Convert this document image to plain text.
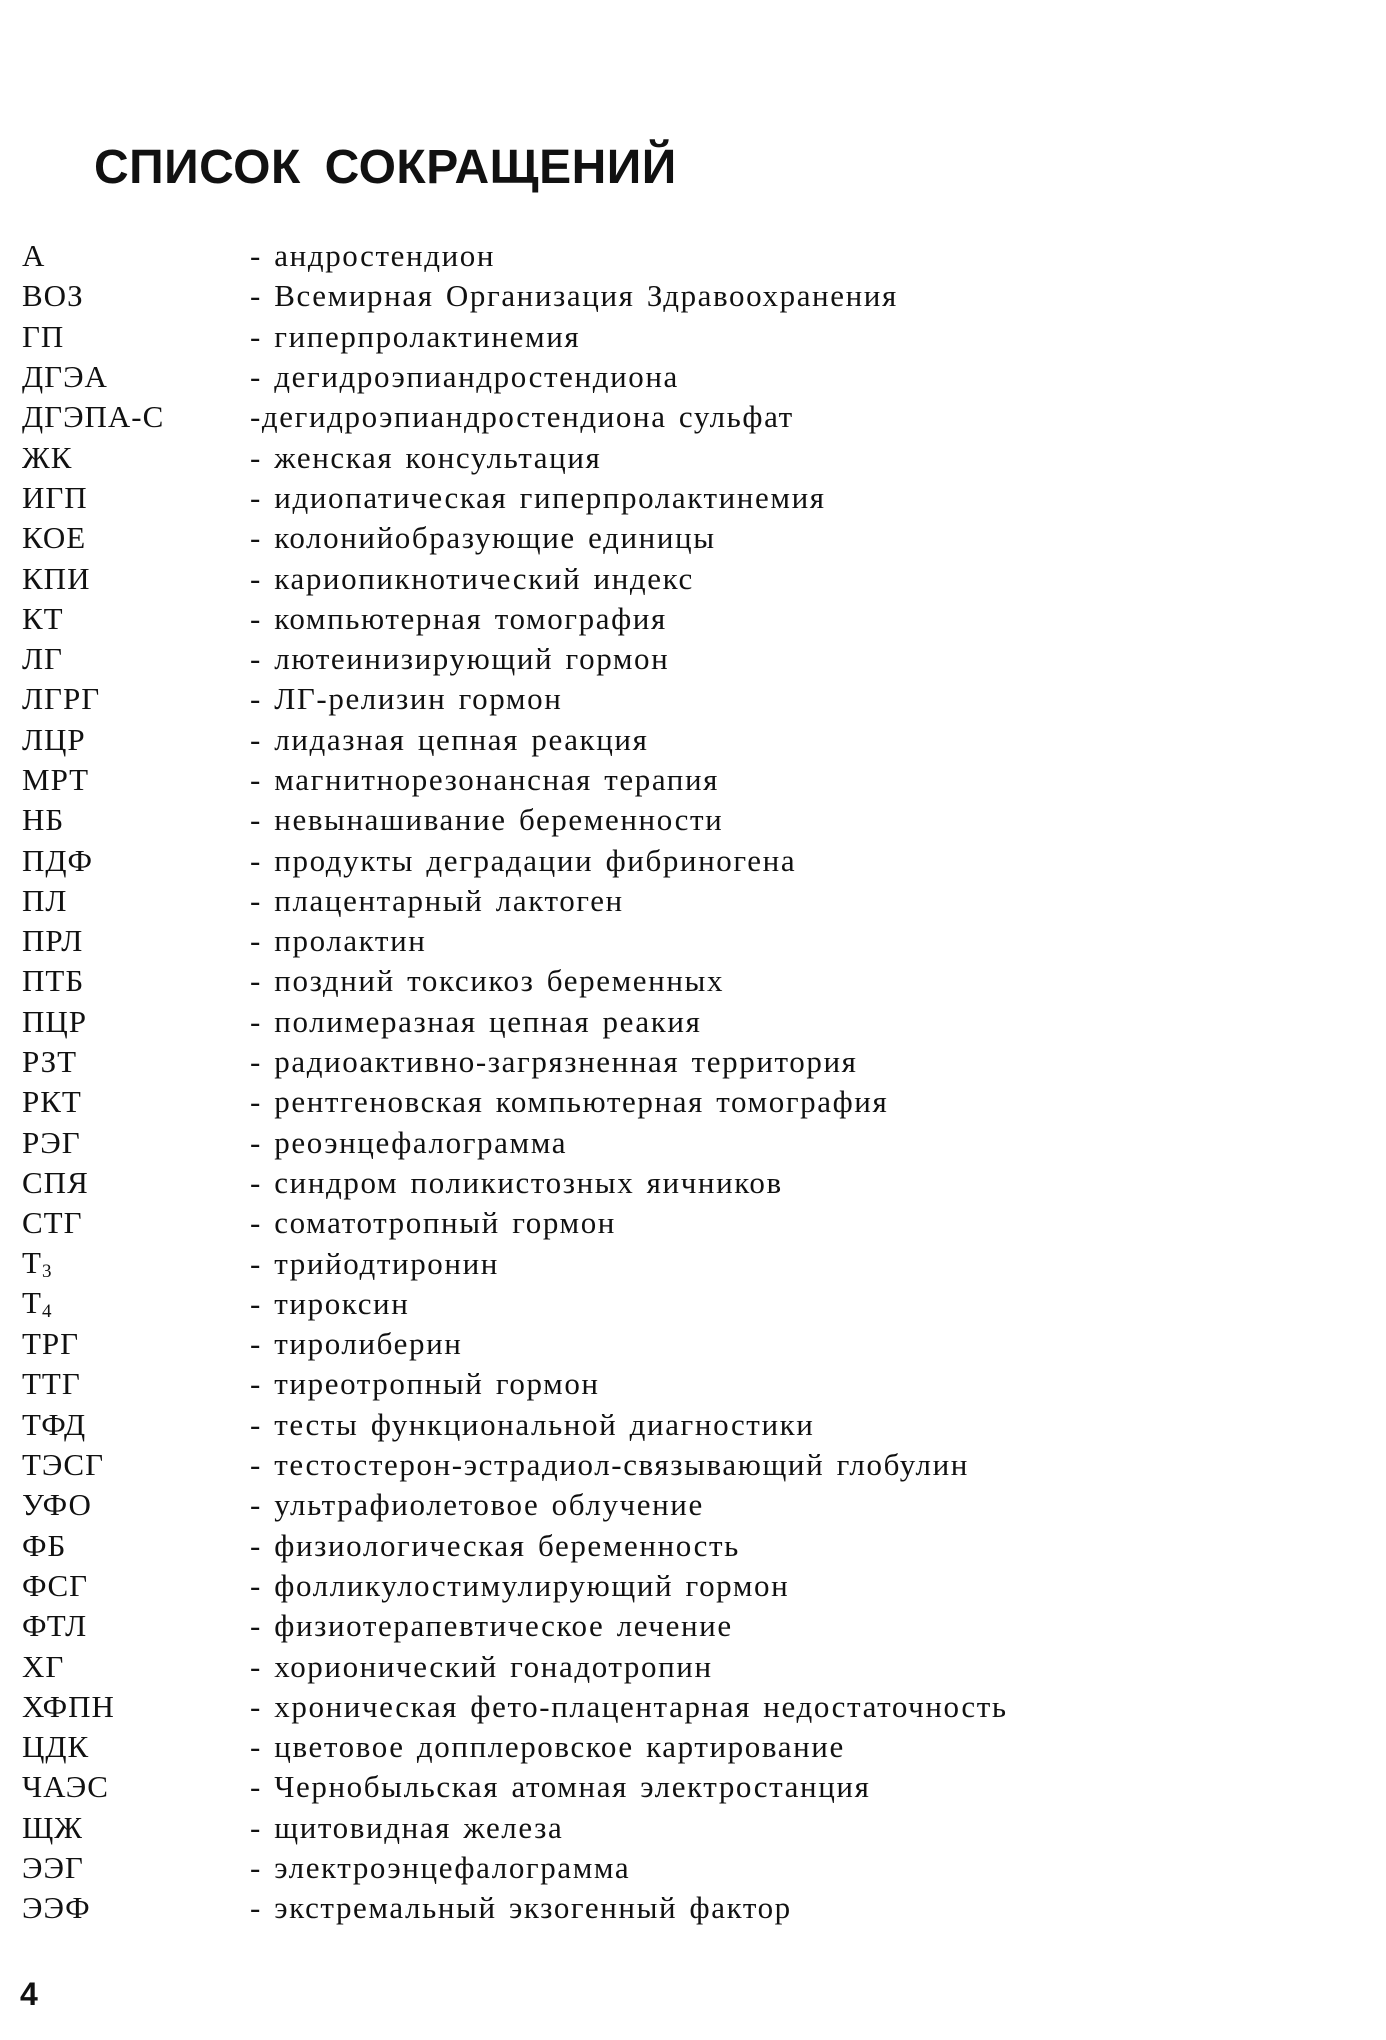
СПИСОК СОКРАЩЕНИЙ
А	- андростендион
ВОЗ	- Всемирная Организация Здравоохранения
ГП	- гиперпролактинемия
ДГЭА	- дегидроэпиандростендиона
ДГЭПА-С	-дегидроэпиандростендиона сульфат
ЖК	- женская консультация
ИГП	- идиопатическая гиперпролактинемия
КОЕ	- колонийобразующие единицы
КПИ	- кариопикнотический индекс
КТ	- компьютерная томография
ЛГ	- лютеинизирующий гормон
ЛГРГ	- ЛГ-релизин гормон
ЛЦР	- лидазная цепная реакция
МРТ	- магнитнорезонансная терапия
НБ	- невынашивание беременности
ПДФ	- продукты деградации фибриногена
ПЛ	- плацентарный лактоген
ПРЛ	- пролактин
ПТБ	- поздний токсикоз беременных
ПЦР	- полимеразная цепная реакия
РЗТ	- радиоактивно-загрязненная территория
РКТ	- рентгеновская компьютерная томография
РЭГ	- реоэнцефалограмма
СПЯ	- синдром поликистозных яичников
СТГ	- соматотропный гормон
$Т_3$	- трийодтиронин
$Т_4$	- тироксин
ТРГ	- тиролиберин
ТТГ	- тиреотропный гормон
ТФД	- тесты функциональной диагностики
ТЭСГ	- тестостерон-эстрадиол-связывающий глобулин
УФО	- ультрафиолетовое облучение
ФБ	- физиологическая беременность
ФСГ	- фолликулостимулирующий гормон
ФТЛ	- физиотерапевтическое лечение
ХГ	- хорионический гонадотропин
ХФПН	- хроническая фето-плацентарная недостаточность
ЦДК	- цветовое допплеровское картирование
ЧАЭС	- Чернобыльская атомная электростанция
ЩЖ	- щитовидная железа
ЭЭГ	- электроэнцефалограмма
ЭЭФ	- экстремальный экзогенный фактор
4
